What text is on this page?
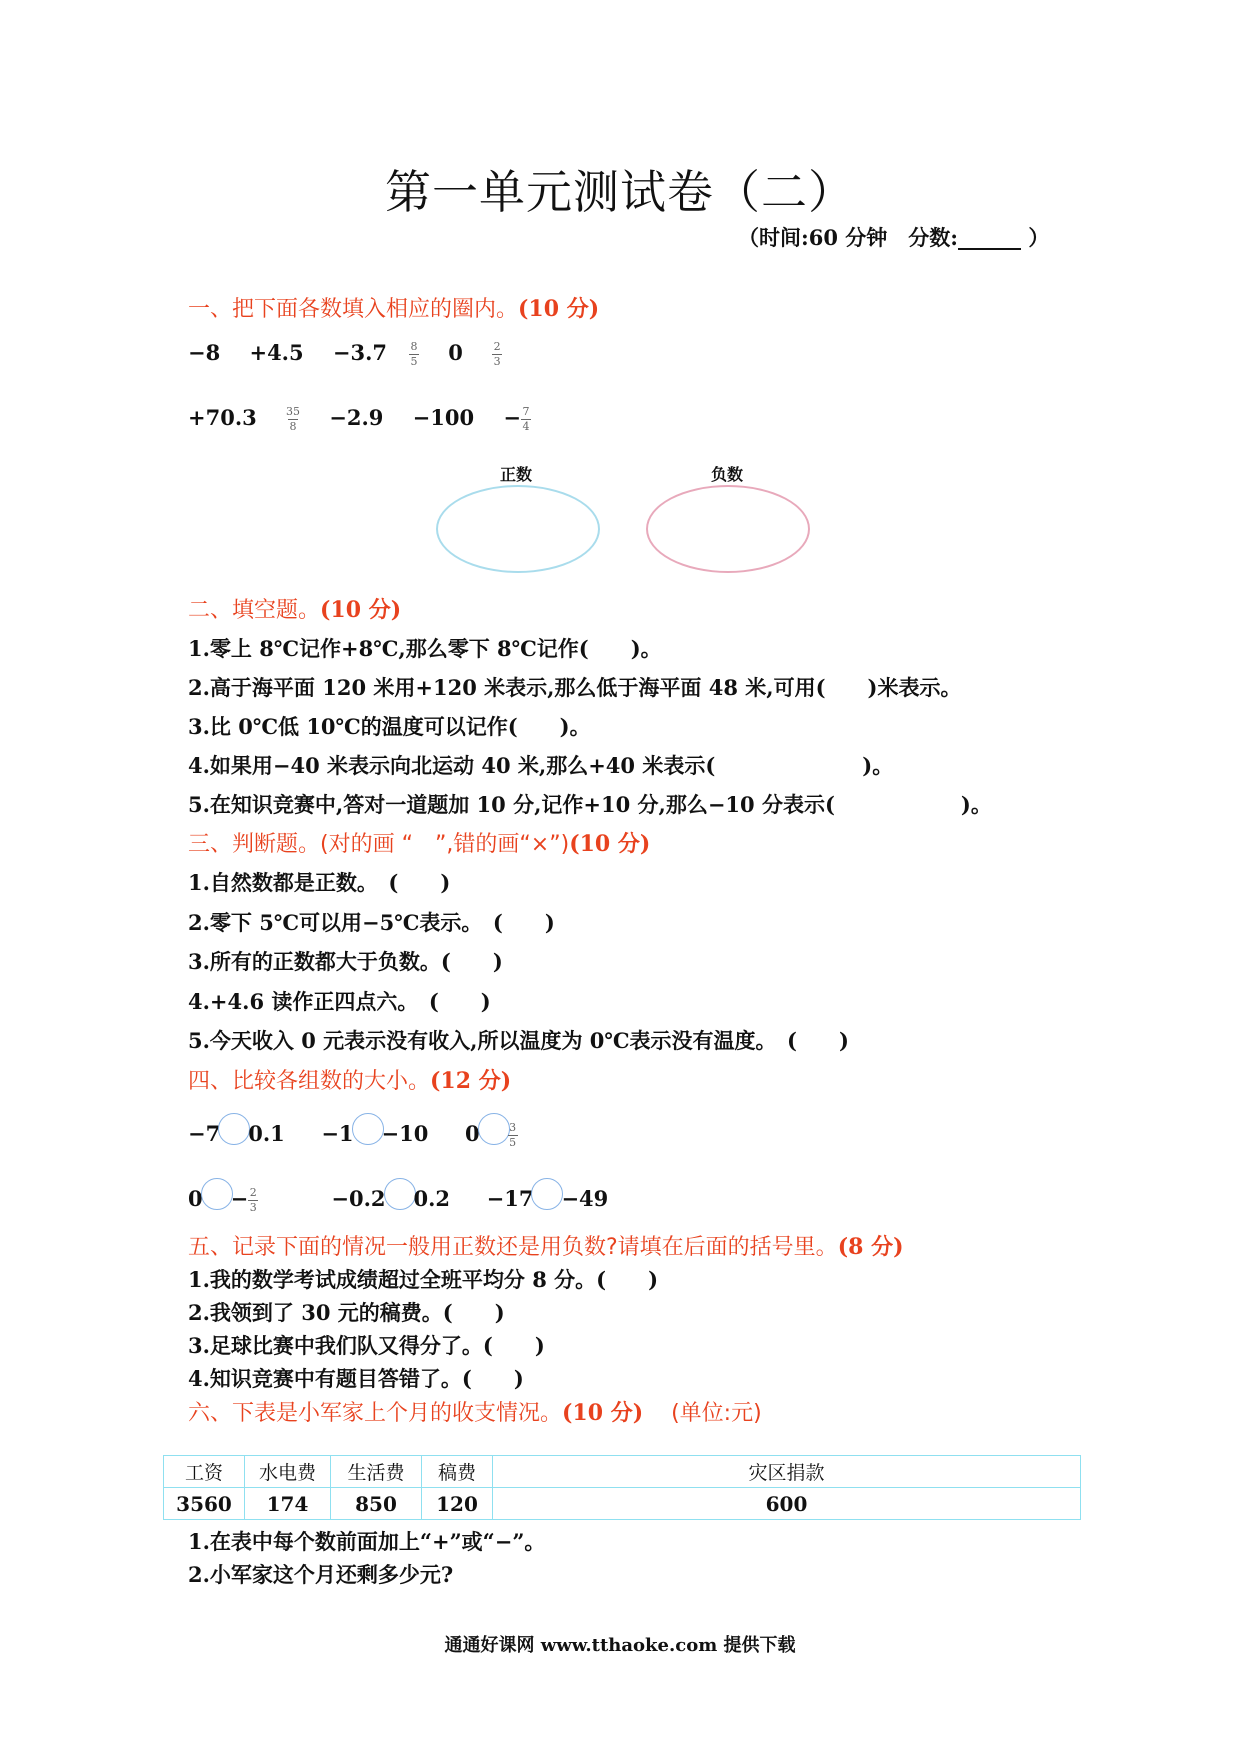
第一单元测试卷（二）
（时间:60 分钟　分数:______ ）
一、把下面各数填入相应的圈内。(10 分)
$-8 +4.5 -3.7 \frac{8}{5} 0$	$\frac{2}{3}$
+70.3	$\frac{35}{8} -2.9 -100 - \frac{7}{4}$
正数	负数
二、填空题。(10 分)
1.零上 8℃记作+8℃,那么零下 8℃记作(　　)。
2.高于海平面 120 米用+120 米表示,那么低于海平面 48 米,可用(　　)米表示。
3.比 0℃低 10℃的温度可以记作(　　)。
4.如果用−40 米表示向北运动 40 米,那么+40 米表示(　　　　　　　)。
5.在知识竞赛中,答对一道题加 10 分,记作+10 分,那么−10 分表示(　　　　　　)。
三、判断题。(对的画 “　”,错的画“×”)(10 分)
1.自然数都是正数。　(　　)
2.零下 5℃可以用−5℃表示。　(　　)
3.所有的正数都大于负数。(　　)
4.+4.6 读作正四点六。　(　　)
5.今天收入 0 元表示没有收入,所以温度为 0℃表示没有温度。　(　　)
四、比较各组数的大小。(12 分)
−7 0.1 −1 −10 0	$\frac{3}{5}$
$0 - \frac{2}{3}$	−0.2 0.2 −17 −49
五、记录下面的情况一般用正数还是用负数?请填在后面的括号里。(8 分)
1.我的数学考试成绩超过全班平均分 8 分。(　　)
2.我领到了 30 元的稿费。(　　)
3.足球比赛中我们队又得分了。(　　)
4.知识竞赛中有题目答错了。(　　)
六、下表是小军家上个月的收支情况。(10 分) (单位:元)
工资	水电费	生活费	稿费	灾区捐款
3560	174	850	120	600
1.在表中每个数前面加上“+”或“−”。
2.小军家这个月还剩多少元?
通通好课网 www.tthaoke.com 提供下载
